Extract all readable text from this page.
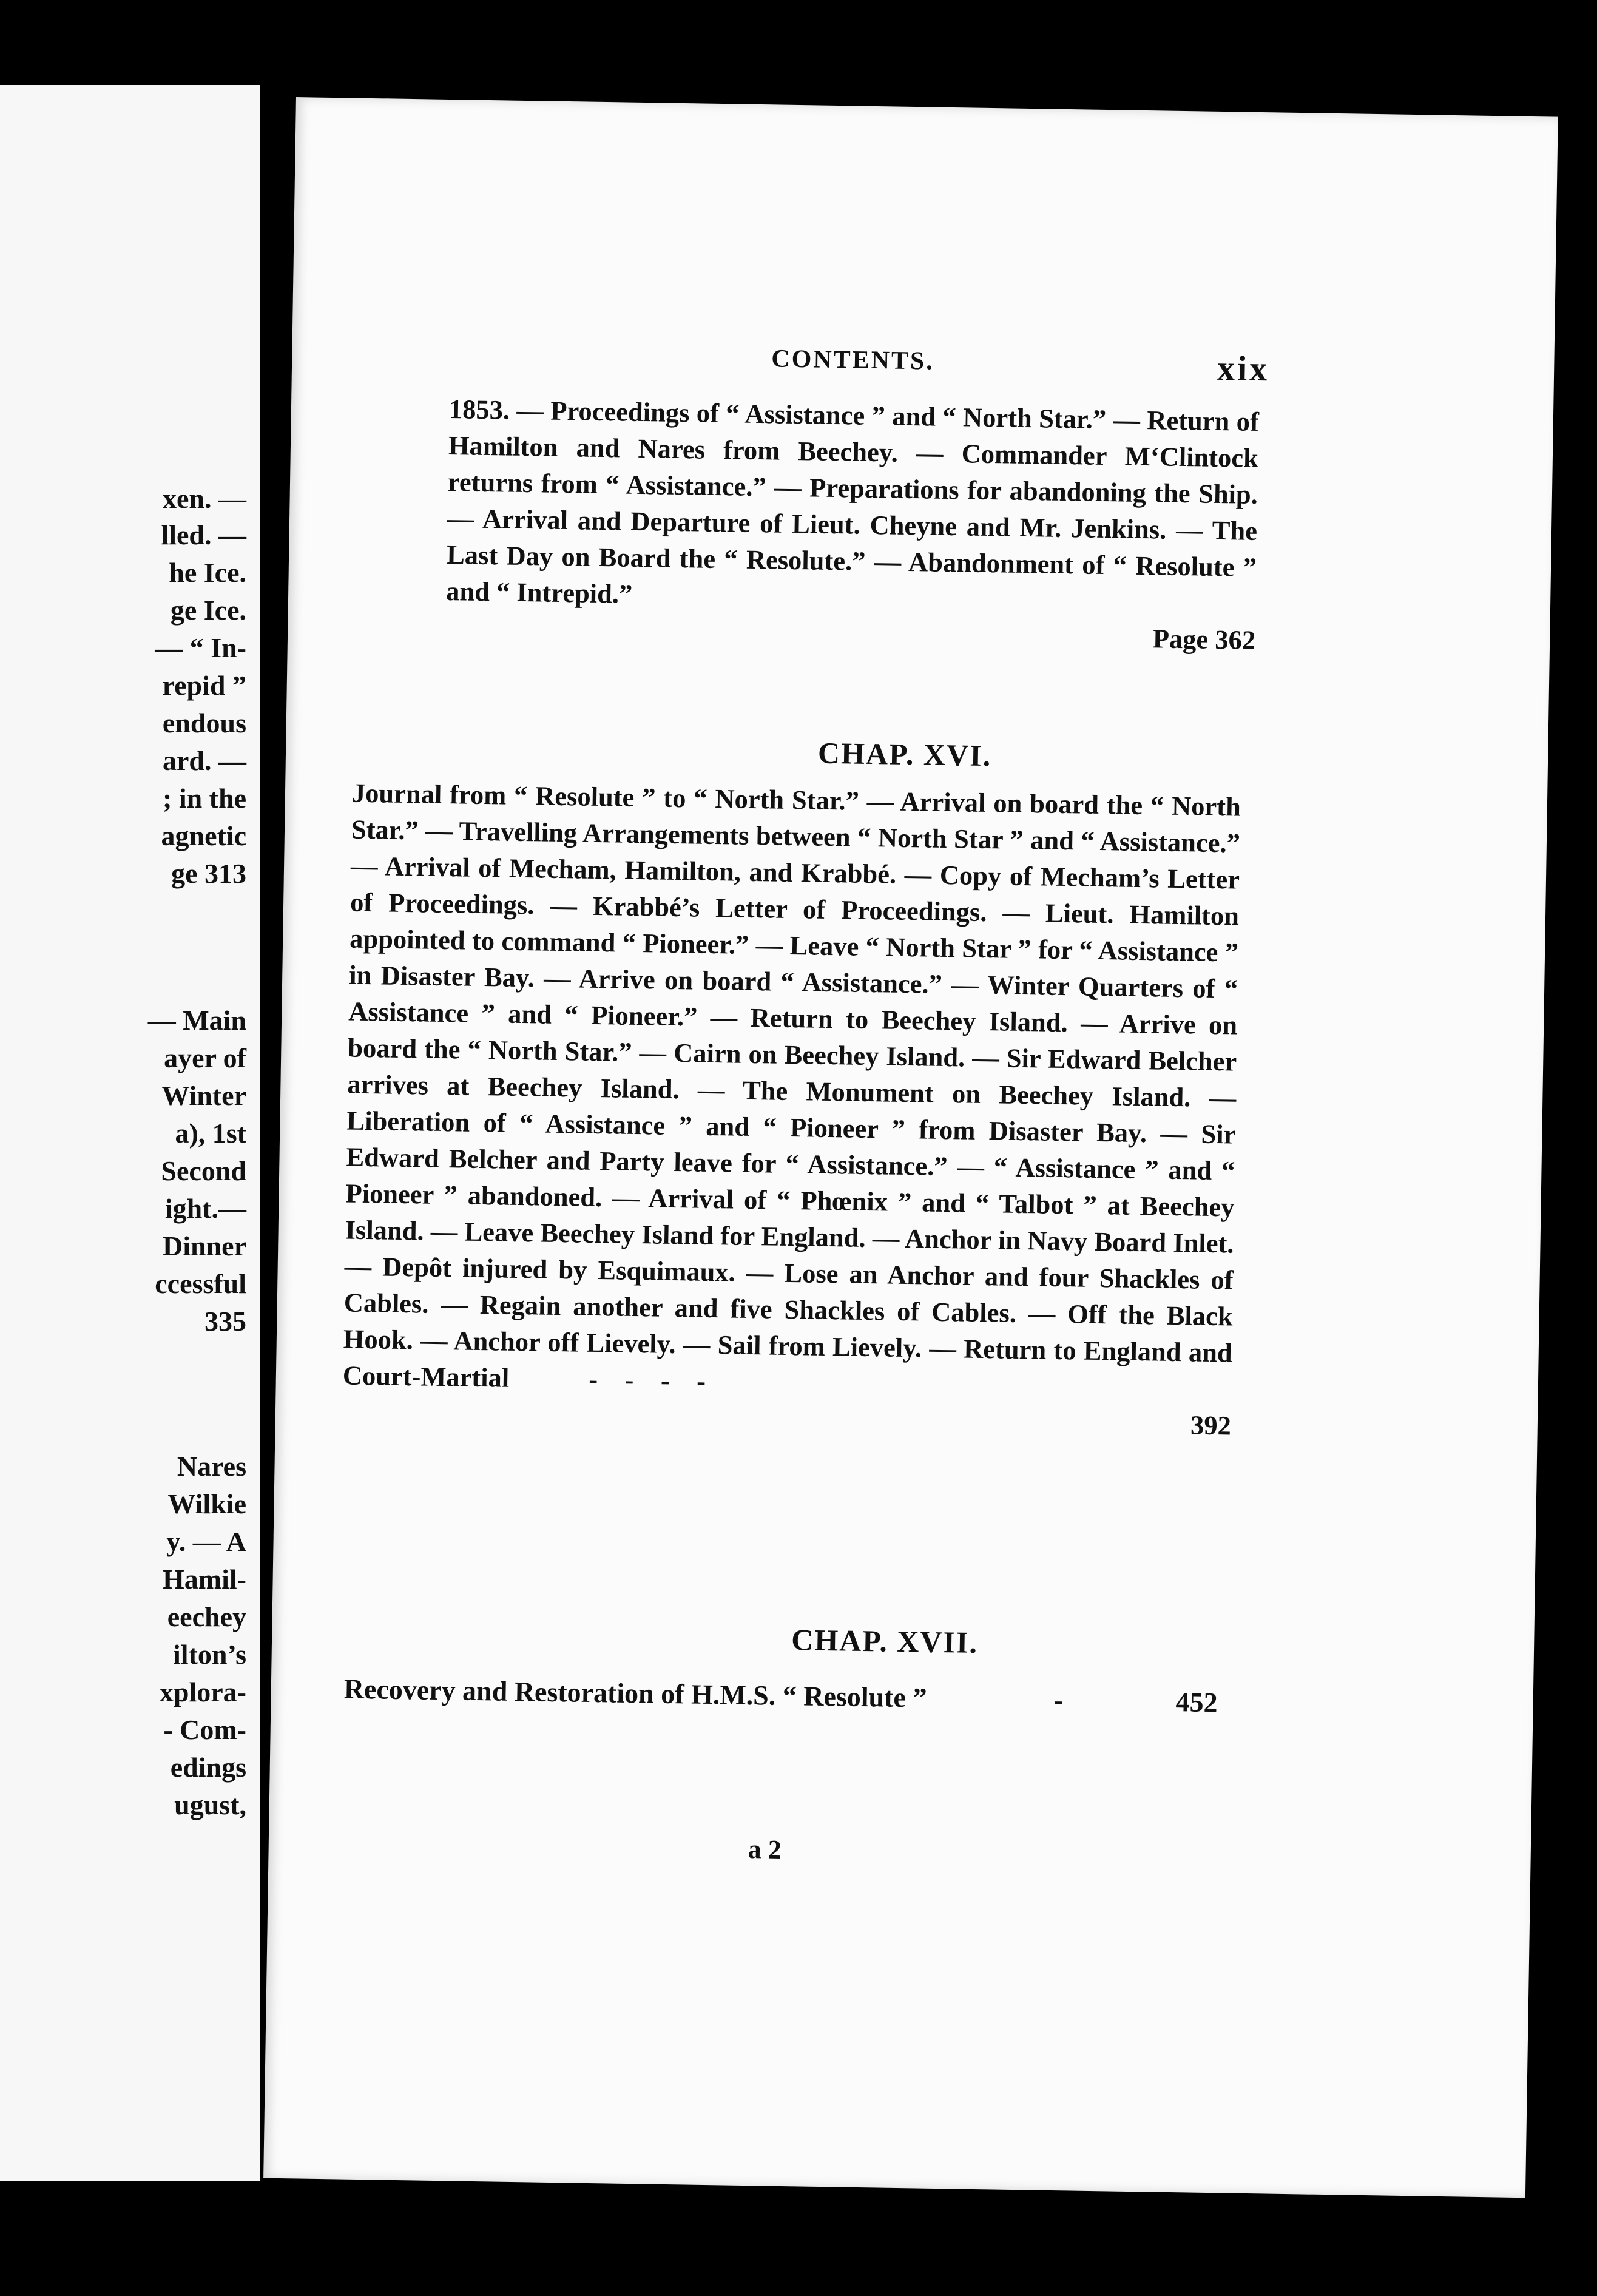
xen. —
lled. —
he Ice.
ge Ice.
— “ In-
repid ”
endous
ard. —
; in the
agnetic
ge 313
— Main
ayer of
Winter
a), 1st
Second
ight.—
Dinner
ccessful
335
Nares
Wilkie
y. — A
Hamil-
eechey
ilton’s
xplora-
- Com-
edings
ugust,
CONTENTS.	xix
1853. — Proceedings of “ Assistance ” and “ North Star.” — Return of Hamilton and Nares from Beechey. — Commander M‘Clintock returns from “ Assistance.” — Preparations for abandoning the Ship. — Arrival and Departure of Lieut. Cheyne and Mr. Jenkins. — The Last Day on Board the “ Resolute.” — Abandonment of “ Resolute ” and “ Intrepid.”
Page 362
CHAP. XVI.
Journal from “ Resolute ” to “ North Star.” — Arrival on board the “ North Star.” — Travelling Arrangements between “ North Star ” and “ Assistance.” — Arrival of Mecham, Hamilton, and Krabbé. — Copy of Mecham’s Letter of Proceedings. — Krabbé’s Letter of Proceedings. — Lieut. Hamilton appointed to command “ Pioneer.” — Leave “ North Star ” for “ Assistance ” in Disaster Bay. — Arrive on board “ Assistance.” — Winter Quarters of “ Assistance ” and “ Pioneer.” — Return to Beechey Island. — Arrive on board the “ North Star.” — Cairn on Beechey Island. — Sir Edward Belcher arrives at Beechey Island. — The Monument on Beechey Island. — Liberation of “ Assistance ” and “ Pioneer ” from Disaster Bay. — Sir Edward Belcher and Party leave for “ Assistance.” — “ Assistance ” and “ Pioneer ” abandoned. — Arrival of “ Phœnix ” and “ Talbot ” at Beechey Island. — Leave Beechey Island for England. — Anchor in Navy Board Inlet. — Depôt injured by Esquimaux. — Lose an Anchor and four Shackles of Cables. — Regain another and five Shackles of Cables. — Off the Black Hook. — Anchor off Lievely. — Sail from Lievely. — Return to England and Court-Martial	-    -    -    -
392
CHAP. XVII.
Recovery and Restoration of H.M.S. “ Resolute ”	-	452
a 2
